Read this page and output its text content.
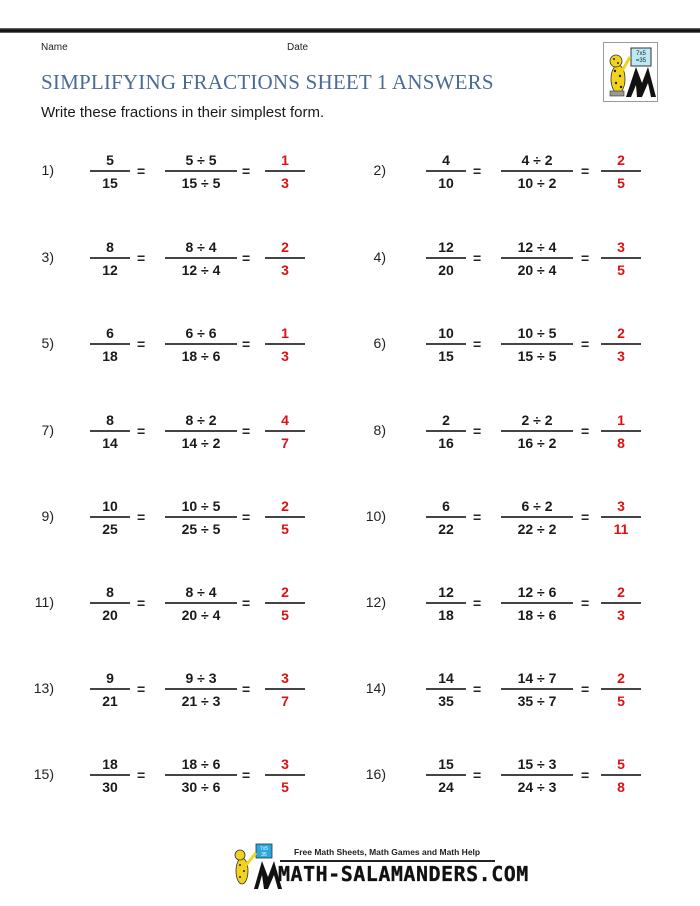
Name	Date
SIMPLIFYING FRACTIONS SHEET 1 ANSWERS
Write these fractions in their simplest form.
7x5
=35
1)
5
15
=
5 ÷ 5
15 ÷ 5
=
1
3
2)
4
10
=
4 ÷ 2
10 ÷ 2
=
2
5
3)
8
12
=
8 ÷ 4
12 ÷ 4
=
2
3
4)
12
20
=
12 ÷ 4
20 ÷ 4
=
3
5
5)
6
18
=
6 ÷ 6
18 ÷ 6
=
1
3
6)
10
15
=
10 ÷ 5
15 ÷ 5
=
2
3
7)
8
14
=
8 ÷ 2
14 ÷ 2
=
4
7
8)
2
16
=
2 ÷ 2
16 ÷ 2
=
1
8
9)
10
25
=
10 ÷ 5
25 ÷ 5
=
2
5
10)
6
22
=
6 ÷ 2
22 ÷ 2
=
3
11
11)
8
20
=
8 ÷ 4
20 ÷ 4
=
2
5
12)
12
18
=
12 ÷ 6
18 ÷ 6
=
2
3
13)
9
21
=
9 ÷ 3
21 ÷ 3
=
3
7
14)
14
35
=
14 ÷ 7
35 ÷ 7
=
2
5
15)
18
30
=
18 ÷ 6
30 ÷ 6
=
3
5
16)
15
24
=
15 ÷ 3
24 ÷ 3
=
5
8
7x5
35	Free Math Sheets, Math Games and Math Help
MATH-SALAMANDERS.COM
